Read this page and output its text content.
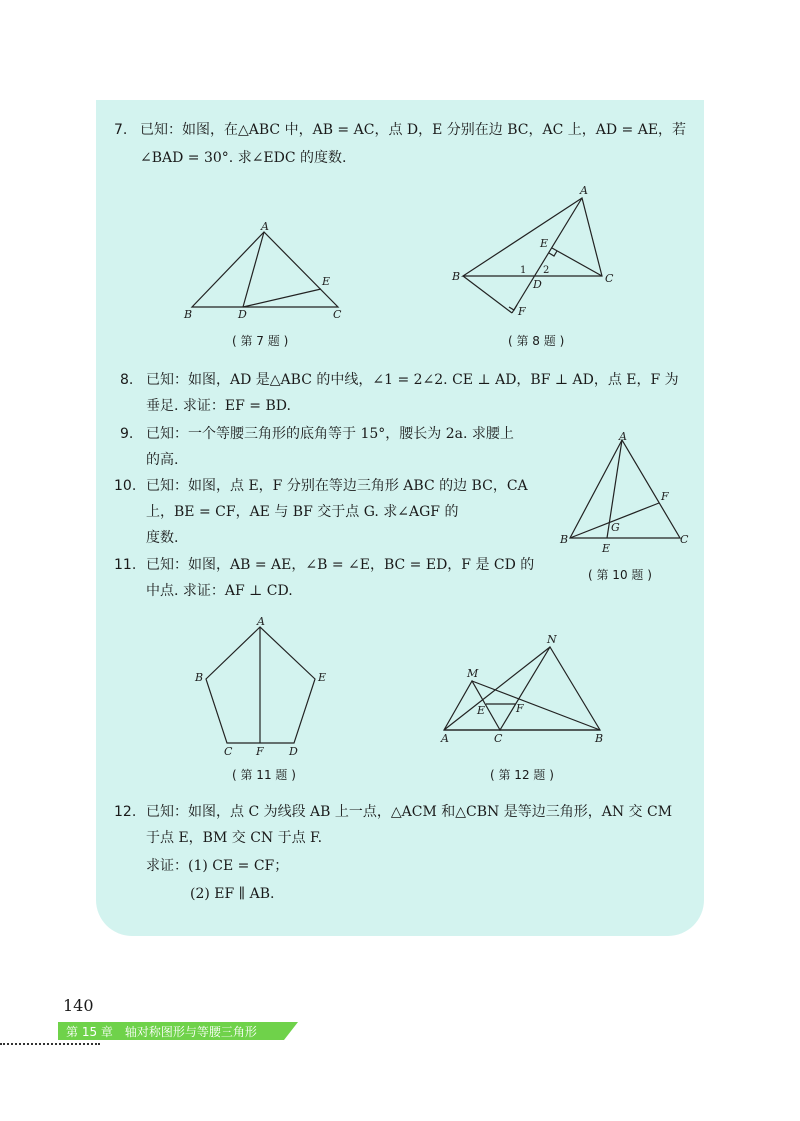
7. 已知：如图，在△ABC 中，AB = AC，点 D，E 分别在边 BC，AC 上，AD = AE，若
∠BAD = 30°. 求∠EDC 的度数.
A
B	C
D
E
( 第 7 题 )
A
B	C
D
E
F
1 2
( 第 8 题 )
8. 已知：如图，AD 是△ABC 的中线，∠1 = 2∠2. CE ⊥ AD，BF ⊥ AD，点 E，F 为
垂足. 求证：EF = BD.
9. 已知：一个等腰三角形的底角等于 15°，腰长为 2a. 求腰上
的高.
10. 已知：如图，点 E，F 分别在等边三角形 ABC 的边 BC，CA
上，BE = CF，AE 与 BF 交于点 G. 求∠AGF 的
度数.
A
B	C
E
F
G
( 第 10 题 )
11. 已知：如图，AB = AE，∠B = ∠E，BC = ED，F 是 CD 的
中点. 求证：AF ⊥ CD.
A
B	E
C F D
( 第 11 题 )
A	C	B
M
N
E	F
( 第 12 题 )
12. 已知：如图，点 C 为线段 AB 上一点，△ACM 和△CBN 是等边三角形，AN 交 CM
于点 E，BM 交 CN 于点 F.
求证：(1) CE = CF；
(2) EF ∥ AB.
140
第 15 章　轴对称图形与等腰三角形
